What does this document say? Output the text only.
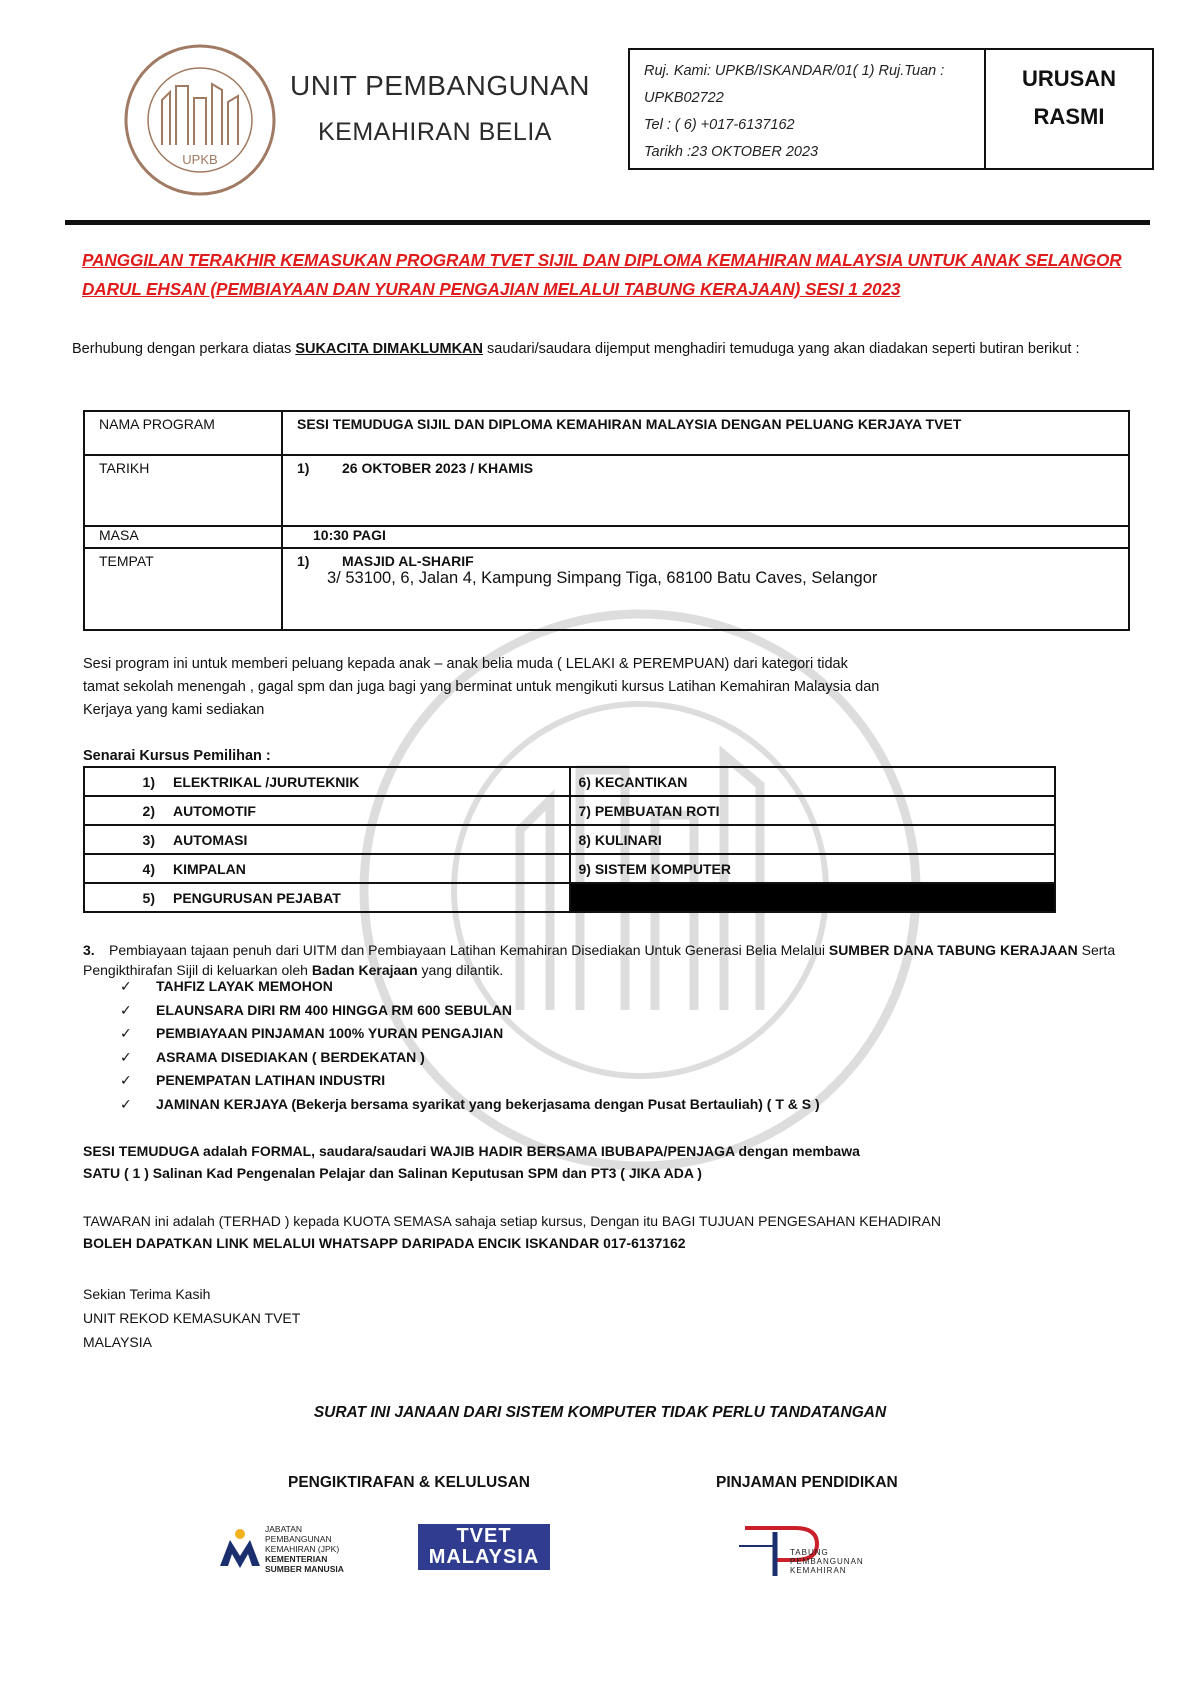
UPKB
UNIT PEMBANGUNAN
KEMAHIRAN BELIA
Ruj. Kami: UPKB/ISKANDAR/01( 1) Ruj.Tuan :
UPKB02722
Tel : ( 6) +017-6137162
Tarikh :23 OKTOBER 2023
URUSAN
RASMI
PANGGILAN TERAKHIR KEMASUKAN PROGRAM TVET SIJIL DAN DIPLOMA KEMAHIRAN MALAYSIA UNTUK ANAK SELANGOR DARUL EHSAN (PEMBIAYAAN DAN YURAN PENGAJIAN MELALUI TABUNG KERAJAAN) SESI 1 2023
Berhubung dengan perkara diatas SUKACITA DIMAKLUMKAN saudari/saudara dijemput menghadiri temuduga yang akan diadakan seperti butiran berikut :
NAMA PROGRAM	SESI TEMUDUGA SIJIL DAN DIPLOMA KEMAHIRAN MALAYSIA DENGAN PELUANG KERJAYA TVET
TARIKH	1) 26 OKTOBER 2023 / KHAMIS
MASA	10:30 PAGI
TEMPAT	1) MASJID AL-SHARIF
3/ 53100, 6, Jalan 4, Kampung Simpang Tiga, 68100 Batu Caves, Selangor
Sesi program ini untuk memberi peluang kepada anak – anak belia muda ( LELAKI & PEREMPUAN) dari kategori tidak
tamat sekolah menengah , gagal spm dan juga bagi yang berminat untuk mengikuti kursus Latihan Kemahiran Malaysia dan
Kerjaya yang kami sediakan
Senarai Kursus Pemilihan :
1) ELEKTRIKAL /JURUTEKNIK	6) KECANTIKAN
2) AUTOMOTIF	7) PEMBUATAN ROTI
3) AUTOMASI	8) KULINARI
4) KIMPALAN	9) SISTEM KOMPUTER
5) PENGURUSAN PEJABAT	
3. Pembiayaan tajaan penuh dari UITM dan Pembiayaan Latihan Kemahiran Disediakan Untuk Generasi Belia Melalui SUMBER DANA TABUNG KERAJAAN Serta Pengikthirafan Sijil di keluarkan oleh Badan Kerajaan yang dilantik.
✓ TAHFIZ LAYAK MEMOHON
✓ ELAUNSARA DIRI RM 400 HINGGA RM 600 SEBULAN
✓ PEMBIAYAAN PINJAMAN 100% YURAN PENGAJIAN
✓ ASRAMA DISEDIAKAN ( BERDEKATAN )
✓ PENEMPATAN LATIHAN INDUSTRI
✓ JAMINAN KERJAYA (Bekerja bersama syarikat yang bekerjasama dengan Pusat Bertauliah) ( T & S )
SESI TEMUDUGA adalah FORMAL, saudara/saudari WAJIB HADIR BERSAMA IBUBAPA/PENJAGA dengan membawa
SATU ( 1 ) Salinan Kad Pengenalan Pelajar dan Salinan Keputusan SPM dan PT3 ( JIKA ADA )
TAWARAN ini adalah (TERHAD ) kepada KUOTA SEMASA sahaja setiap kursus, Dengan itu BAGI TUJUAN PENGESAHAN KEHADIRAN
BOLEH DAPATKAN LINK MELALUI WHATSAPP DARIPADA ENCIK ISKANDAR 017-6137162
Sekian Terima Kasih
UNIT REKOD KEMASUKAN TVET
MALAYSIA
SURAT INI JANAAN DARI SISTEM KOMPUTER TIDAK PERLU TANDATANGAN
PENGIKTIRAFAN & KELULUSAN	PINJAMAN PENDIDIKAN
JABATAN
PEMBANGUNAN
KEMAHIRAN (JPK)
KEMENTERIAN
SUMBER MANUSIA
TVET
MALAYSIA	TABUNG
PEMBANGUNAN
KEMAHIRAN
